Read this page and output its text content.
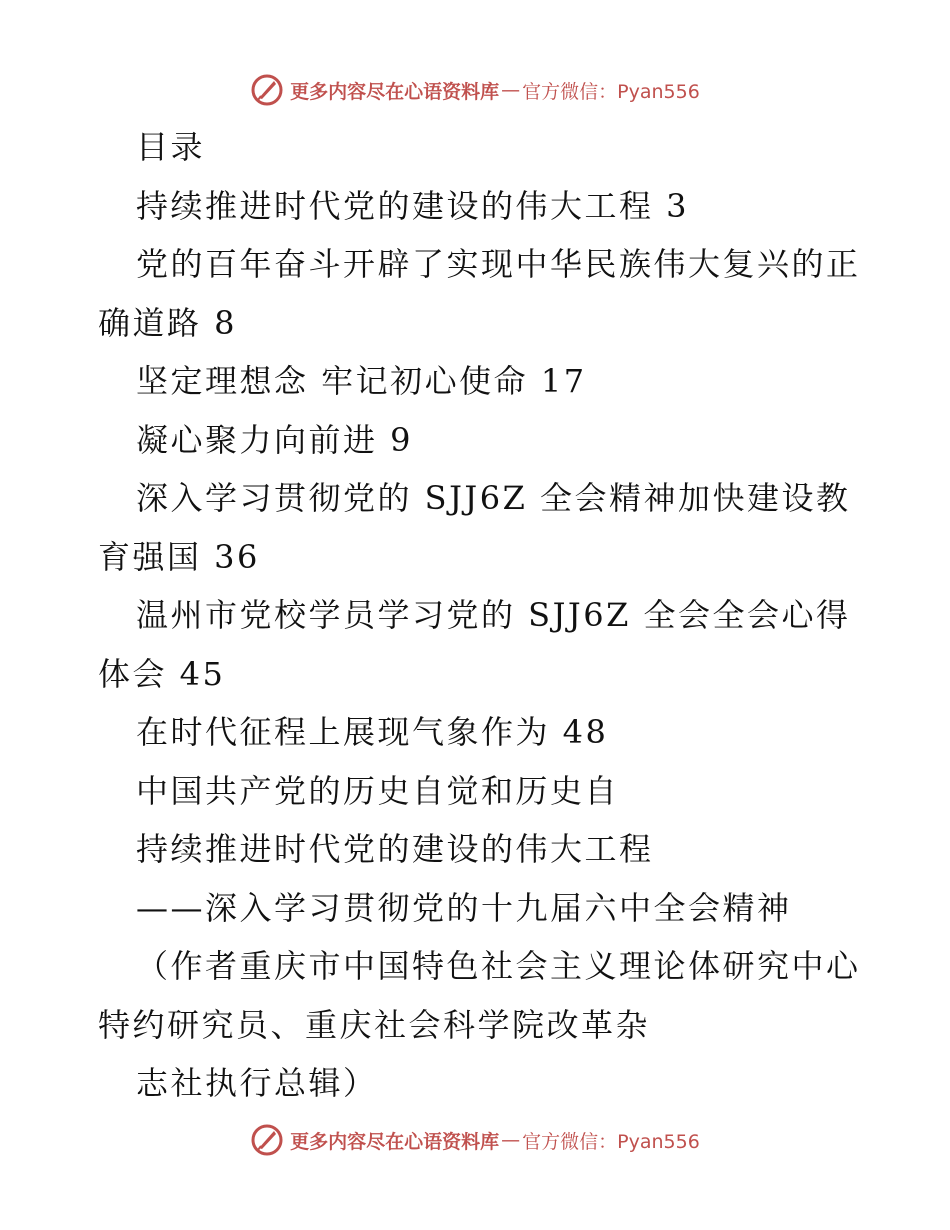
更多内容尽在心语资料库 — 官方微信：Pyan556
目录
持续推进时代党的建设的伟大工程 3
党的百年奋斗开辟了实现中华民族伟大复兴的正
确道路 8
坚定理想念 牢记初心使命 17
凝心聚力向前进 9
深入学习贯彻党的 SJJ6Z 全会精神加快建设教
育强国 36
温州市党校学员学习党的 SJJ6Z 全会全会心得
体会 45
在时代征程上展现气象作为 48
中国共产党的历史自觉和历史自
持续推进时代党的建设的伟大工程
——深入学习贯彻党的十九届六中全会精神
（作者重庆市中国特色社会主义理论体研究中心
特约研究员、重庆社会科学院改革杂
志社执行总辑）
更多内容尽在心语资料库 — 官方微信：Pyan556
